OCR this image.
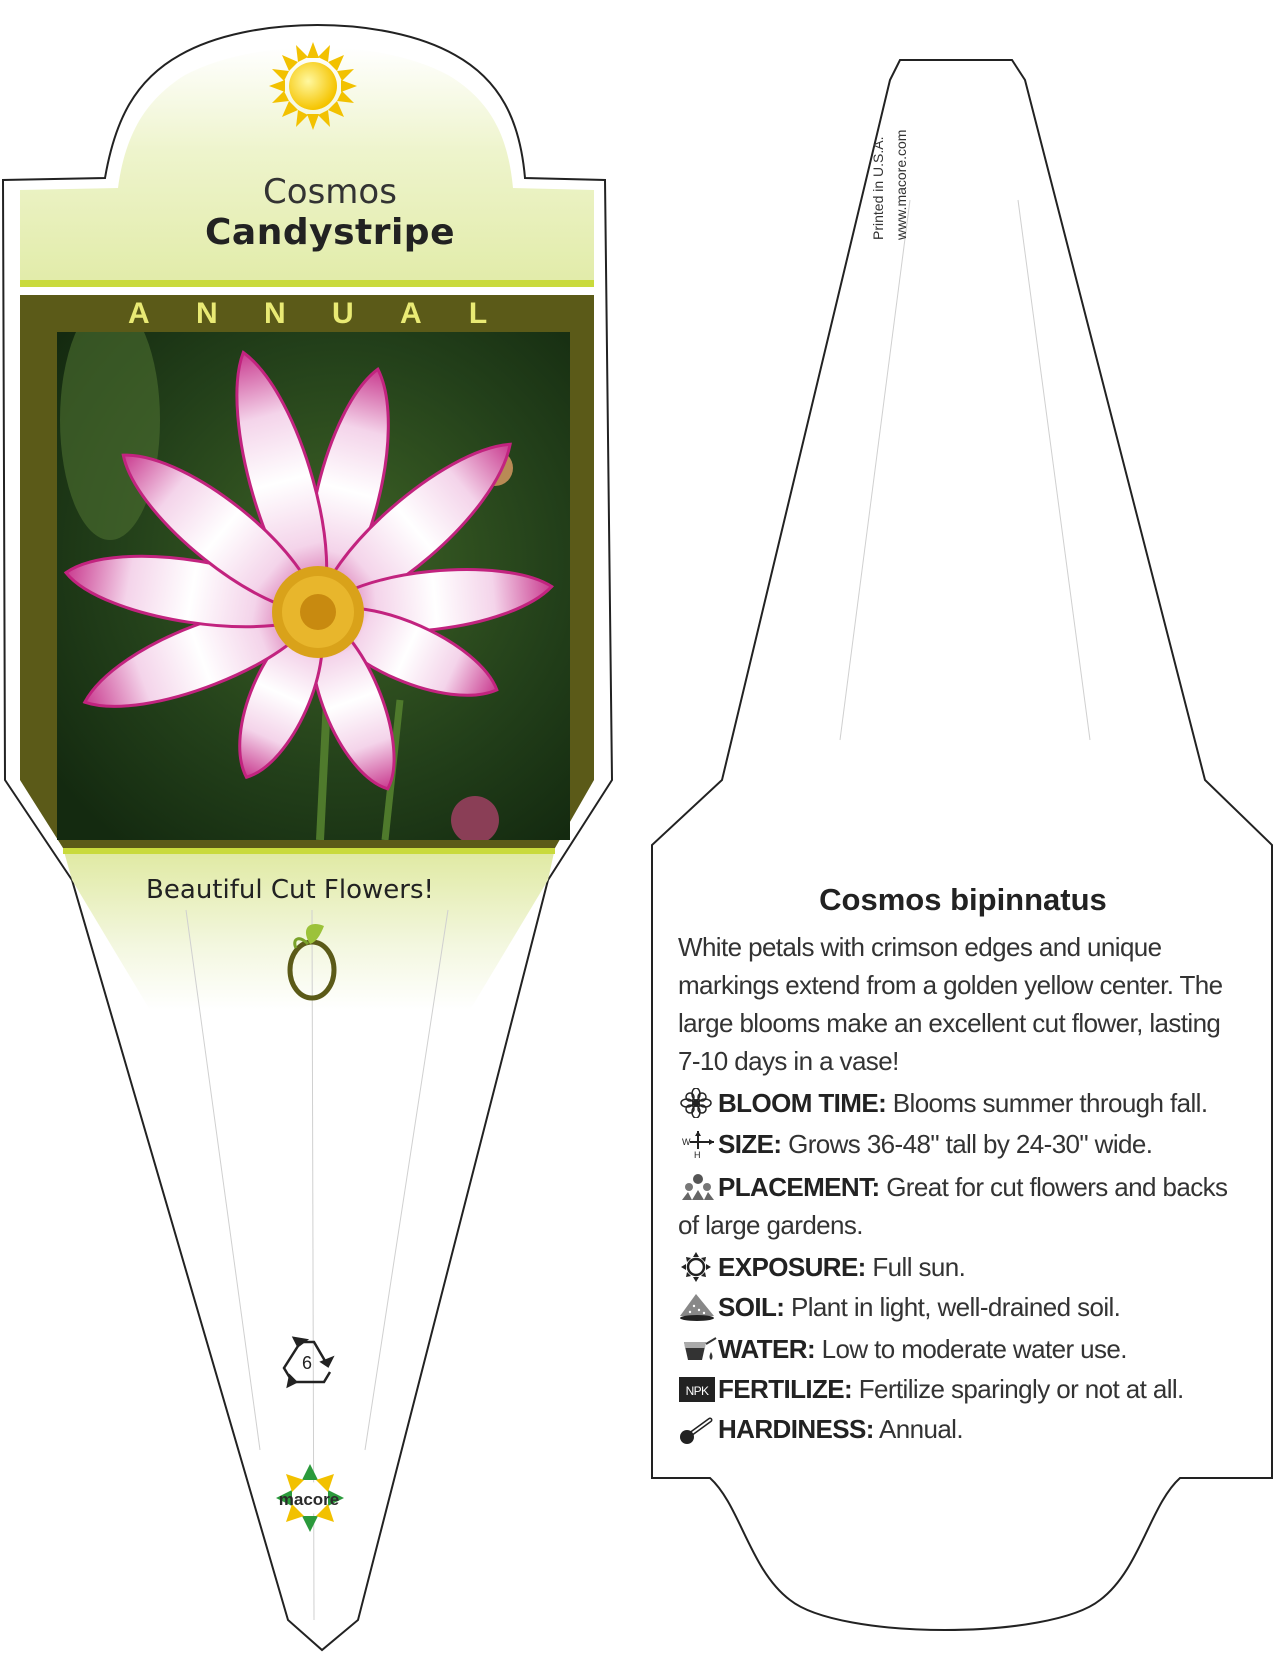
Cosmos
Candystripe
A N N U A L
Beautiful Cut Flowers!
6
macore
Printed in U.S.A. www.macore.com
Cosmos bipinnatus
White petals with crimson edges and unique markings extend from a golden yellow center. The large blooms make an excellent cut flower, lasting 7-10 days in a vase!
BLOOM TIME: Blooms summer through fall.
W
H SIZE: Grows 36-48" tall by 24-30" wide.
PLACEMENT: Great for cut flowers and backs of large gardens.
EXPOSURE: Full sun.
SOIL: Plant in light, well-drained soil.
WATER: Low to moderate water use.
NPK FERTILIZE: Fertilize sparingly or not at all.
HARDINESS: Annual.
